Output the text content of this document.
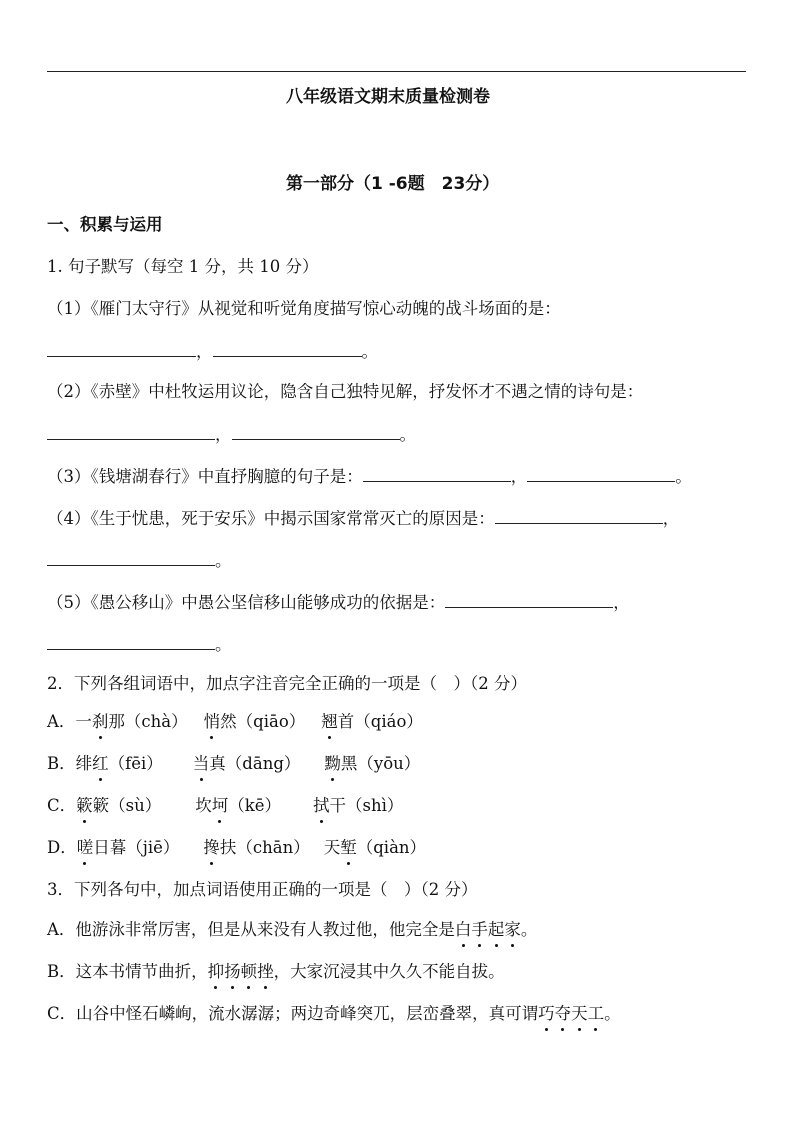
八年级语文期末质量检测卷
第一部分（1 -6题　23分）
一、积累与运用
1. 句子默写（每空 1 分，共 10 分）
（1）《雁门太守行》从视觉和听觉角度描写惊心动魄的战斗场面的是：
，	。
（2）《赤壁》中杜牧运用议论，隐含自己独特见解，抒发怀才不遇之情的诗句是：
，	。
（3）《钱塘湖春行》中直抒胸臆的句子是：	，	。
（4）《生于忧患，死于安乐》中揭示国家常常灭亡的原因是：	，
。
（5）《愚公移山》中愚公坚信移山能够成功的依据是：	，
。
2．下列各组词语中，加点字注音完全正确的一项是（　）（2 分）
A．一刹那（chà） 悄然（qiāo） 翘首（qiáo）
B．绯红（fēi） 当真（dāng） 黝黑（yōu）
C．簌簌（sù） 坎坷（kē） 拭干（shì）
D．嗟日暮（jiē） 搀扶（chān） 天堑（qiàn）
3．下列各句中，加点词语使用正确的一项是（　）（2 分）
A．他游泳非常厉害，但是从来没有人教过他，他完全是白手起家。
B．这本书情节曲折，抑扬顿挫，大家沉浸其中久久不能自拔。
C．山谷中怪石嶙峋，流水潺潺；两边奇峰突兀，层峦叠翠，真可谓巧夺天工。
